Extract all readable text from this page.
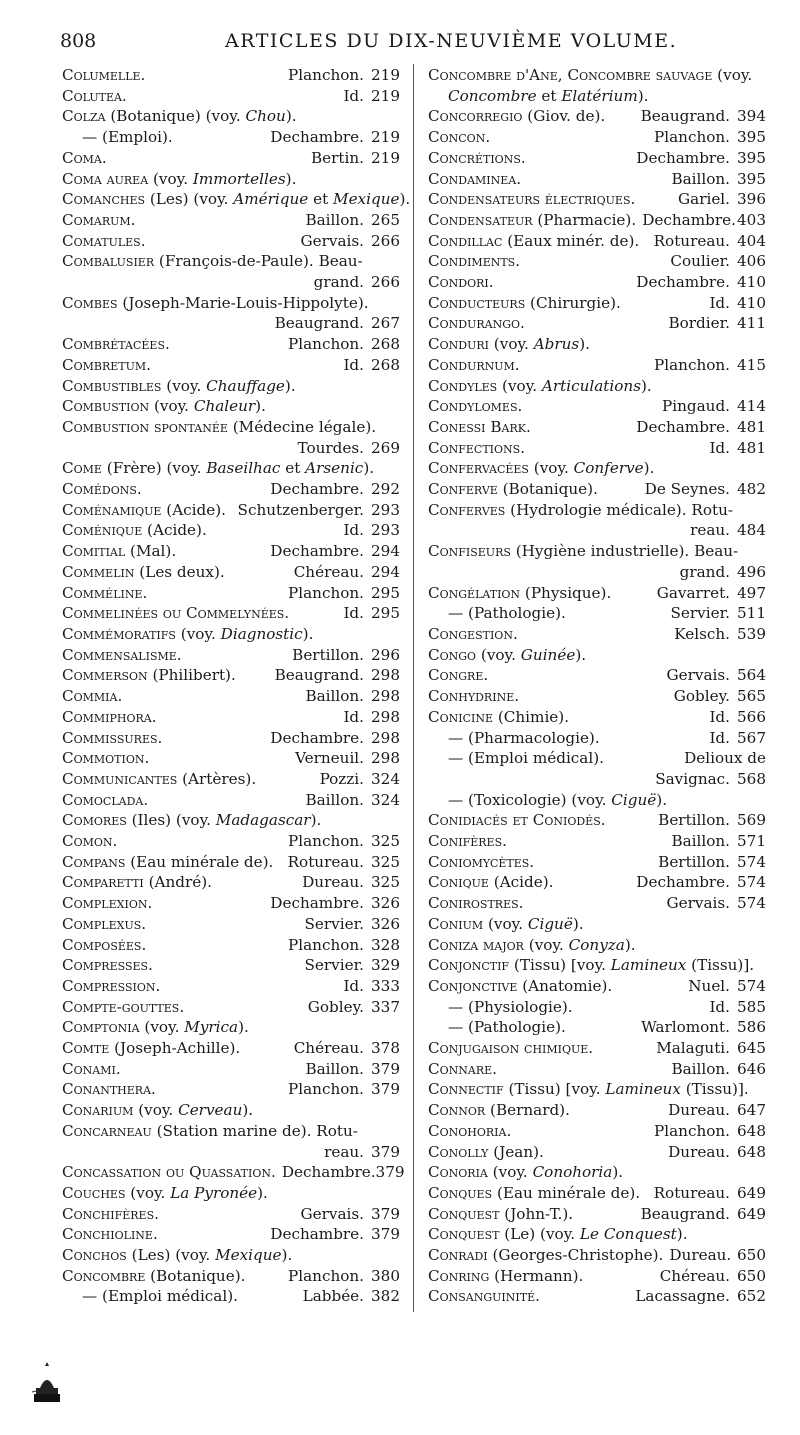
808	ARTICLES DU DIX-NEUVIÈME VOLUME.
Columelle.	Planchon. 219
Colutea.	Id. 219
Colza (Botanique) (voy. Chou ).
— (Emploi).	Dechambre. 219
Coma.	Bertin. 219
Coma aurea (voy. Immortelles ).
Comanches (Les) (voy. Amérique et Mexique ).
Comarum.	Baillon. 265
Comatules.	Gervais. 266
Combalusier (François-de-Paule). Beau-
grand. 266
Combes (Joseph-Marie-Louis-Hippolyte).
Beaugrand. 267
Combrétacées.	Planchon. 268
Combretum.	Id. 268
Combustibles (voy. Chauffage ).
Combustion (voy. Chaleur ).
Combustion spontanée (Médecine légale).
Tourdes. 269
Come (Frère) (voy. Baseilhac et Arsenic ).
Comédons.	Dechambre. 292
Coménamique (Acide). Schutzenberger. 293
Coménique (Acide).	Id. 293
Comitial (Mal).	Dechambre. 294
Commelin (Les deux).	Chéreau. 294
Comméline.	Planchon. 295
Commelinées ou Commelynées.	Id. 295
Commémoratifs (voy. Diagnostic ).
Commensalisme.	Bertillon. 296
Commerson (Philibert).	Beaugrand. 298
Commia.	Baillon. 298
Commiphora.	Id. 298
Commissures.	Dechambre. 298
Commotion.	Verneuil. 298
Communicantes (Artères).	Pozzi. 324
Comoclada.	Baillon. 324
Comores (Iles) (voy. Madagascar ).
Comon.	Planchon. 325
Compans (Eau minérale de). Rotureau. 325
Comparetti (André).	Dureau. 325
Complexion.	Dechambre. 326
Complexus.	Servier. 326
Composées.	Planchon. 328
Compresses.	Servier. 329
Compression.	Id. 333
Compte-gouttes.	Gobley. 337
Comptonia (voy. Myrica ).
Comte (Joseph-Achille).	Chéreau. 378
Conami.	Baillon. 379
Conanthera.	Planchon. 379
Conarium (voy. Cerveau ).
Concarneau (Station marine de). Rotu-
reau. 379
Concassation ou Quassation. Dechambre. 379
Couches (voy. La Pyronée ).
Conchifères.	Gervais. 379
Conchioline.	Dechambre. 379
Conchos (Les) (voy. Mexique ).
Concombre (Botanique).	Planchon. 380
— (Emploi médical).	Labbée. 382
Concombre d'Ane, Concombre sauvage (voy.
Concombre et Elatérium ).
Concorregio (Giov. de).	Beaugrand. 394
Concon.	Planchon. 395
Concrétions.	Dechambre. 395
Condaminea.	Baillon. 395
Condensateurs électriques.	Gariel. 396
Condensateur (Pharmacie). Dechambre. 403
Condillac (Eaux minér. de). Rotureau. 404
Condiments.	Coulier. 406
Condori.	Dechambre. 410
Conducteurs (Chirurgie).	Id. 410
Condurango.	Bordier. 411
Conduri (voy. Abrus ).
Condurnum.	Planchon. 415
Condyles (voy. Articulations ).
Condylomes.	Pingaud. 414
Conessi Bark.	Dechambre. 481
Confections.	Id. 481
Confervacées (voy. Conferve ).
Conferve (Botanique).	De Seynes. 482
Conferves (Hydrologie médicale). Rotu-
reau. 484
Confiseurs (Hygiène industrielle). Beau-
grand. 496
Congélation (Physique).	Gavarret. 497
— (Pathologie).	Servier. 511
Congestion.	Kelsch. 539
Congo (voy. Guinée ).
Congre.	Gervais. 564
Conhydrine.	Gobley. 565
Conicine (Chimie).	Id. 566
— (Pharmacologie).	Id. 567
— (Emploi médical).	Delioux de
Savignac. 568
— (Toxicologie) (voy. Ciguë ).
Conidiacés et Coniodés.	Bertillon. 569
Conifères.	Baillon. 571
Coniomycètes.	Bertillon. 574
Conique (Acide).	Dechambre. 574
Conirostres.	Gervais. 574
Conium (voy. Ciguë ).
Coniza major (voy. Conyza ).
Conjonctif (Tissu) [voy. Lamineux (Tissu)].
Conjonctive (Anatomie).	Nuel. 574
— (Physiologie).	Id. 585
— (Pathologie).	Warlomont. 586
Conjugaison chimique.	Malaguti. 645
Connare.	Baillon. 646
Connectif (Tissu) [voy. Lamineux (Tissu)].
Connor (Bernard).	Dureau. 647
Conohoria.	Planchon. 648
Conolly (Jean).	Dureau. 648
Conoria (voy. Conohoria ).
Conques (Eau minérale de). Rotureau. 649
Conquest (John-T.).	Beaugrand. 649
Conquest (Le) (voy. Le Conquest ).
Conradi (Georges-Christophe). Dureau. 650
Conring (Hermann).	Chéreau. 650
Consanguinité.	Lacassagne. 652
